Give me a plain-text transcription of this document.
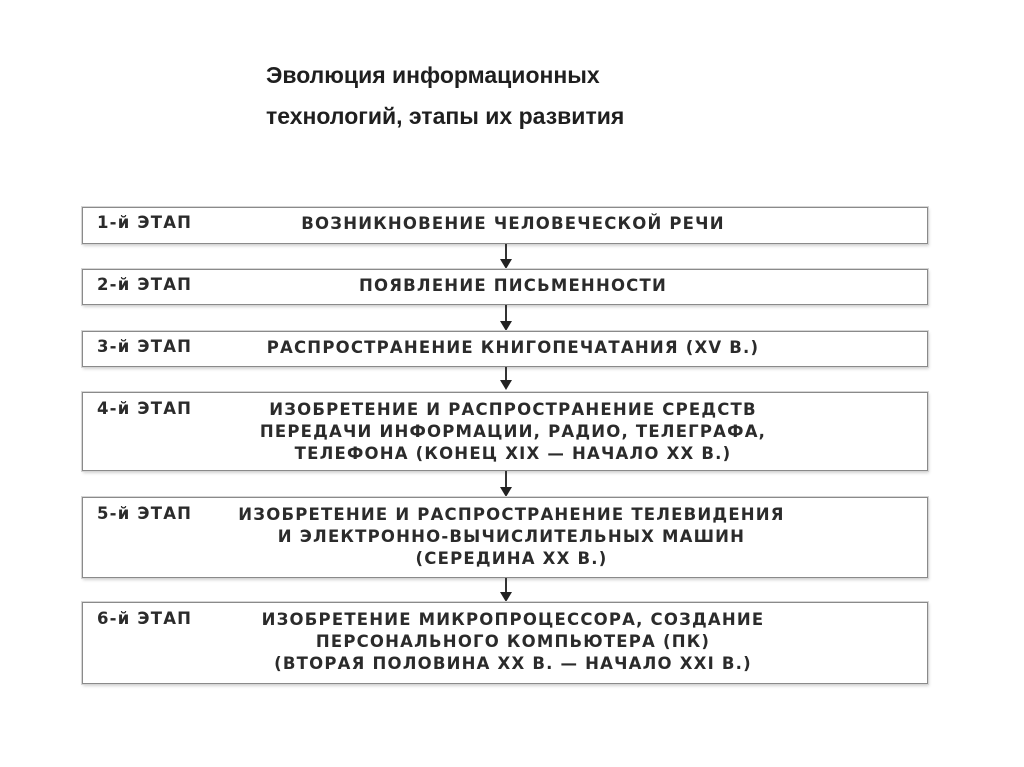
Эволюция информационных
технологий, этапы их развития
1-й ЭТАП	ВОЗНИКНОВЕНИЕ ЧЕЛОВЕЧЕСКОЙ РЕЧИ
2-й ЭТАП	ПОЯВЛЕНИЕ ПИСЬМЕННОСТИ
3-й ЭТАП	РАСПРОСТРАНЕНИЕ КНИГОПЕЧАТАНИЯ (XV В.)
4-й ЭТАП	ИЗОБРЕТЕНИЕ И РАСПРОСТРАНЕНИЕ СРЕДСТВ
ПЕРЕДАЧИ ИНФОРМАЦИИ, РАДИО, ТЕЛЕГРАФА,
ТЕЛЕФОНА (КОНЕЦ XIX — НАЧАЛО XX В.)
5-й ЭТАП	ИЗОБРЕТЕНИЕ И РАСПРОСТРАНЕНИЕ ТЕЛЕВИДЕНИЯ
И ЭЛЕКТРОННО-ВЫЧИСЛИТЕЛЬНЫХ МАШИН
(СЕРЕДИНА XX В.)
6-й ЭТАП	ИЗОБРЕТЕНИЕ МИКРОПРОЦЕССОРА, СОЗДАНИЕ
ПЕРСОНАЛЬНОГО КОМПЬЮТЕРА (ПК)
(ВТОРАЯ ПОЛОВИНА XX В. — НАЧАЛО XXI В.)
